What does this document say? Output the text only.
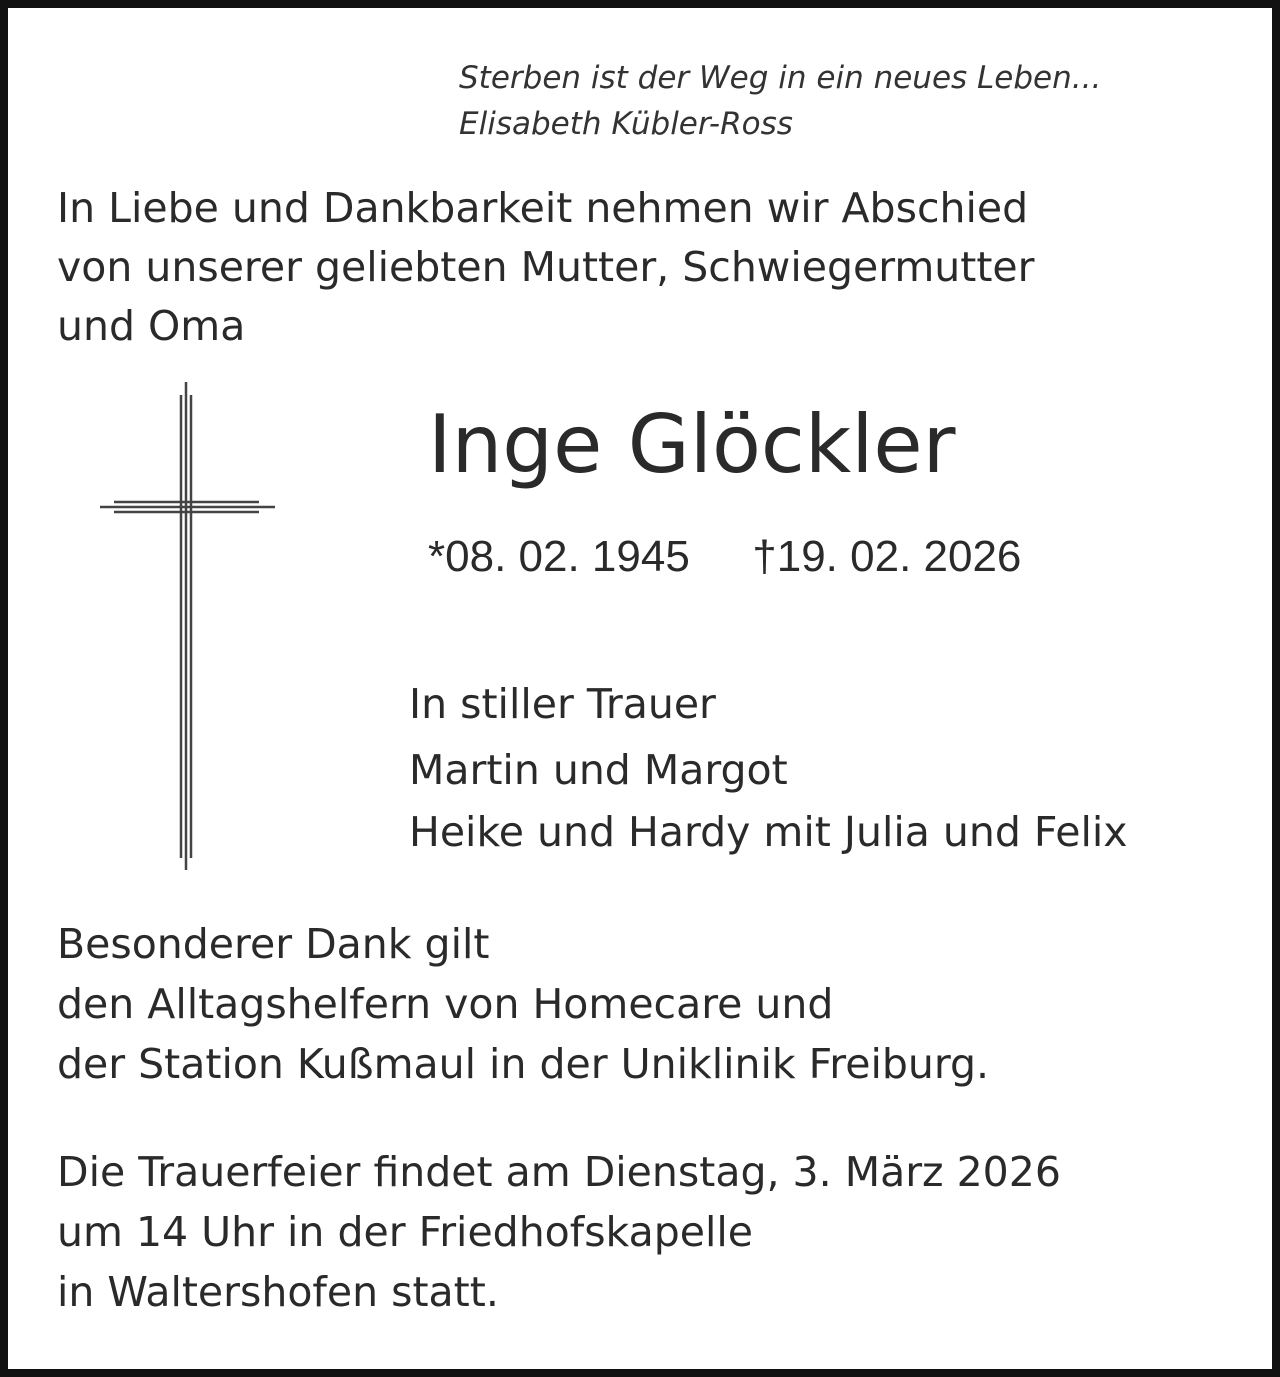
Sterben ist der Weg in ein neues Leben...

Elisabeth Kübler-Ross

In Liebe und Dankbarkeit nehmen wir Abschied

von unserer geliebten Mutter, Schwiegermutter

und Oma

Inge Glöckler

*08. 02. 1945 †19. 02. 2026

In stiller Trauer

Martin und Margot

Heike und Hardy mit Julia und Felix

Besonderer Dank gilt

den Alltagshelfern von Homecare und

der Station Kußmaul in der Uniklinik Freiburg.

Die Trauerfeier findet am Dienstag, 3. März 2026

um 14 Uhr in der Friedhofskapelle

in Waltershofen statt.
